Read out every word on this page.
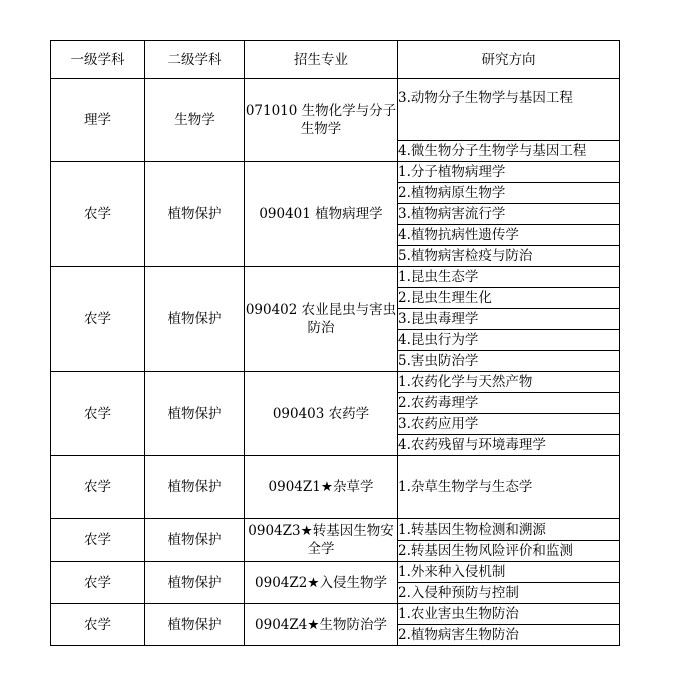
一级学科	二级学科	招生专业	研究方向
理学	生物学	071010 生物化学与分子生物学	3.动物分子生物学与基因工程
			4.微生物分子生物学与基因工程
农学	植物保护	090401 植物病理学	1.分子植物病理学
			2.植物病原生物学
			3.植物病害流行学
			4.植物抗病性遗传学
			5.植物病害检疫与防治
农学	植物保护	090402 农业昆虫与害虫防治	1.昆虫生态学
			2.昆虫生理生化
			3.昆虫毒理学
			4.昆虫行为学
			5.害虫防治学
农学	植物保护	090403 农药学	1.农药化学与天然产物
			2.农药毒理学
			3.农药应用学
			4.农药残留与环境毒理学
农学	植物保护	0904Z1★杂草学	1.杂草生物学与生态学
农学	植物保护	0904Z3★转基因生物安全学	1.转基因生物检测和溯源
			2.转基因生物风险评价和监测
农学	植物保护	0904Z2★入侵生物学	1.外来种入侵机制
			2.入侵种预防与控制
农学	植物保护	0904Z4★生物防治学	1.农业害虫生物防治
			2.植物病害生物防治
